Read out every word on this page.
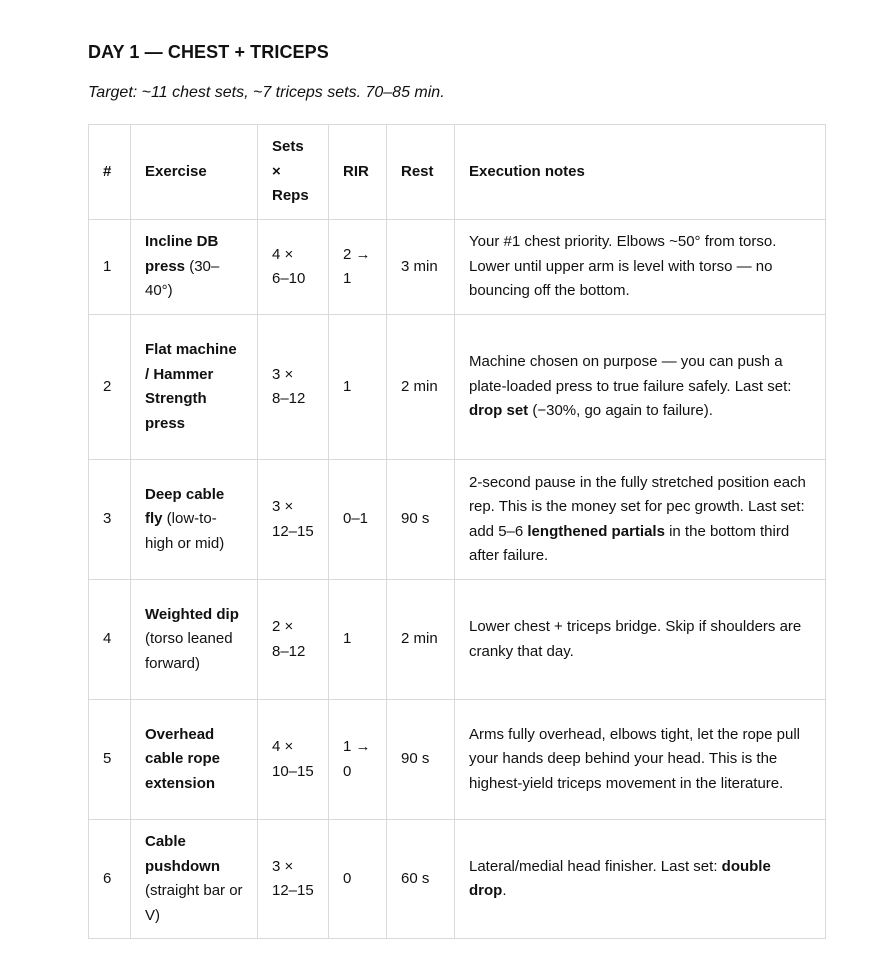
DAY 1 — CHEST + TRICEPS

Target: ~11 chest sets, ~7 triceps sets. 70–85 min.

#	Exercise	Sets × Reps	RIR	Rest	Execution notes
1	Incline DB press (30–40°)	4 × 6–10	2 → 1	3 min	Your #1 chest priority. Elbows ~50° from torso. Lower until upper arm is level with torso — no bouncing off the bottom.
2	Flat machine / Hammer Strength press	3 × 8–12	1	2 min	Machine chosen on purpose — you can push a plate-loaded press to true failure safely. Last set: drop set (−30%, go again to failure).
3	Deep cable fly (low-to-high or mid)	3 × 12–15	0–1	90 s	2-second pause in the fully stretched position each rep. This is the money set for pec growth. Last set: add 5–6 lengthened partials in the bottom third after failure.
4	Weighted dip (torso leaned forward)	2 × 8–12	1	2 min	Lower chest + triceps bridge. Skip if shoulders are cranky that day.
5	Overhead cable rope extension	4 × 10–15	1 → 0	90 s	Arms fully overhead, elbows tight, let the rope pull your hands deep behind your head. This is the highest-yield triceps movement in the literature.
6	Cable pushdown (straight bar or V)	3 × 12–15	0	60 s	Lateral/medial head finisher. Last set: double drop.
